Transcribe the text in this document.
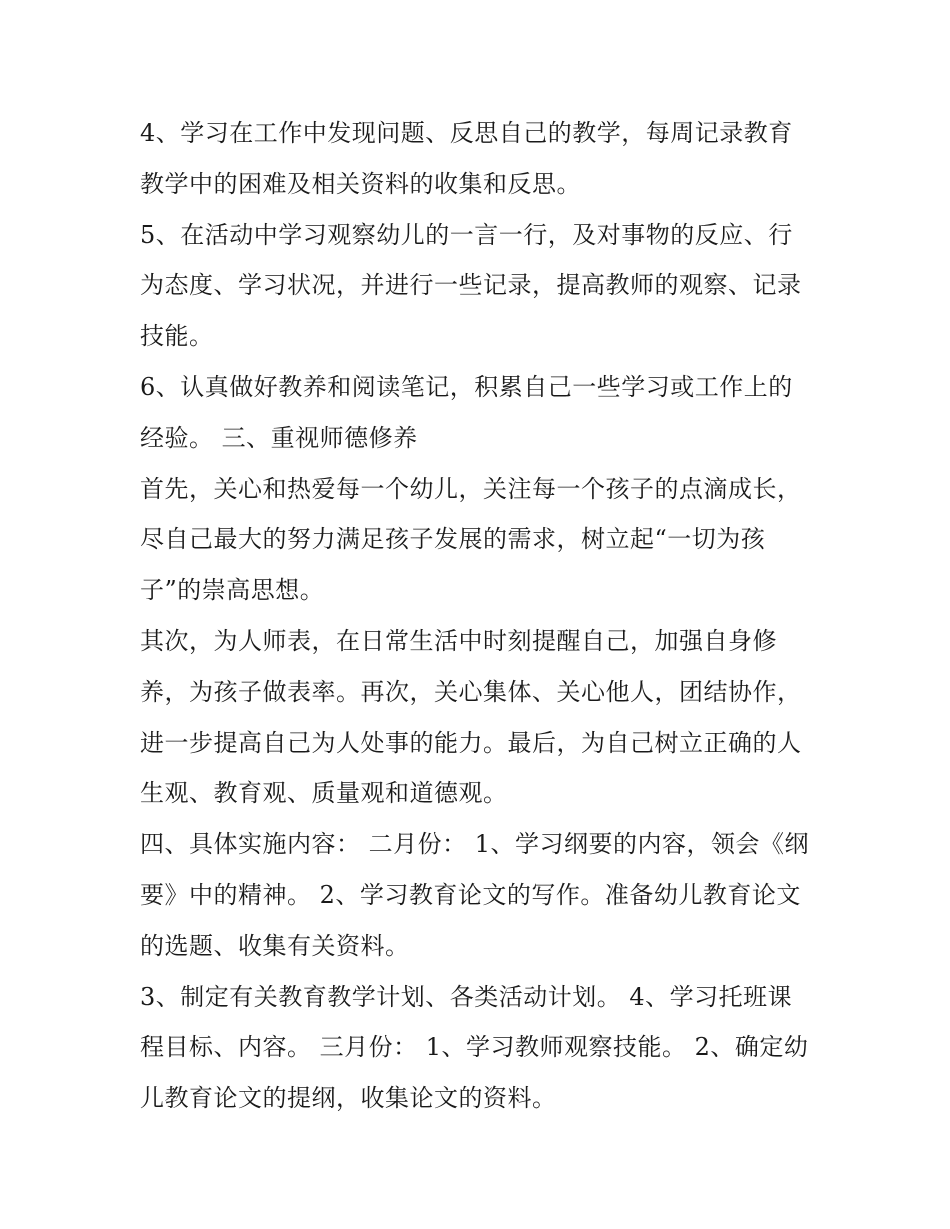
4、学习在工作中发现问题、反思自己的教学，每周记录教育
教学中的困难及相关资料的收集和反思。
5、在活动中学习观察幼儿的一言一行，及对事物的反应、行
为态度、学习状况，并进行一些记录，提高教师的观察、记录
技能。
6、认真做好教养和阅读笔记，积累自己一些学习或工作上的
经验。 三、重视师德修养
首先，关心和热爱每一个幼儿，关注每一个孩子的点滴成长，
尽自己最大的努力满足孩子发展的需求，树立起“一切为孩
子”的崇高思想。
其次，为人师表，在日常生活中时刻提醒自己，加强自身修
养，为孩子做表率。再次，关心集体、关心他人，团结协作，
进一步提高自己为人处事的能力。最后，为自己树立正确的人
生观、教育观、质量观和道德观。
四、具体实施内容： 二月份： 1、学习纲要的内容，领会《纲
要》中的精神。 2、学习教育论文的写作。准备幼儿教育论文
的选题、收集有关资料。
3、制定有关教育教学计划、各类活动计划。 4、学习托班课
程目标、内容。 三月份： 1、学习教师观察技能。 2、确定幼
儿教育论文的提纲，收集论文的资料。
